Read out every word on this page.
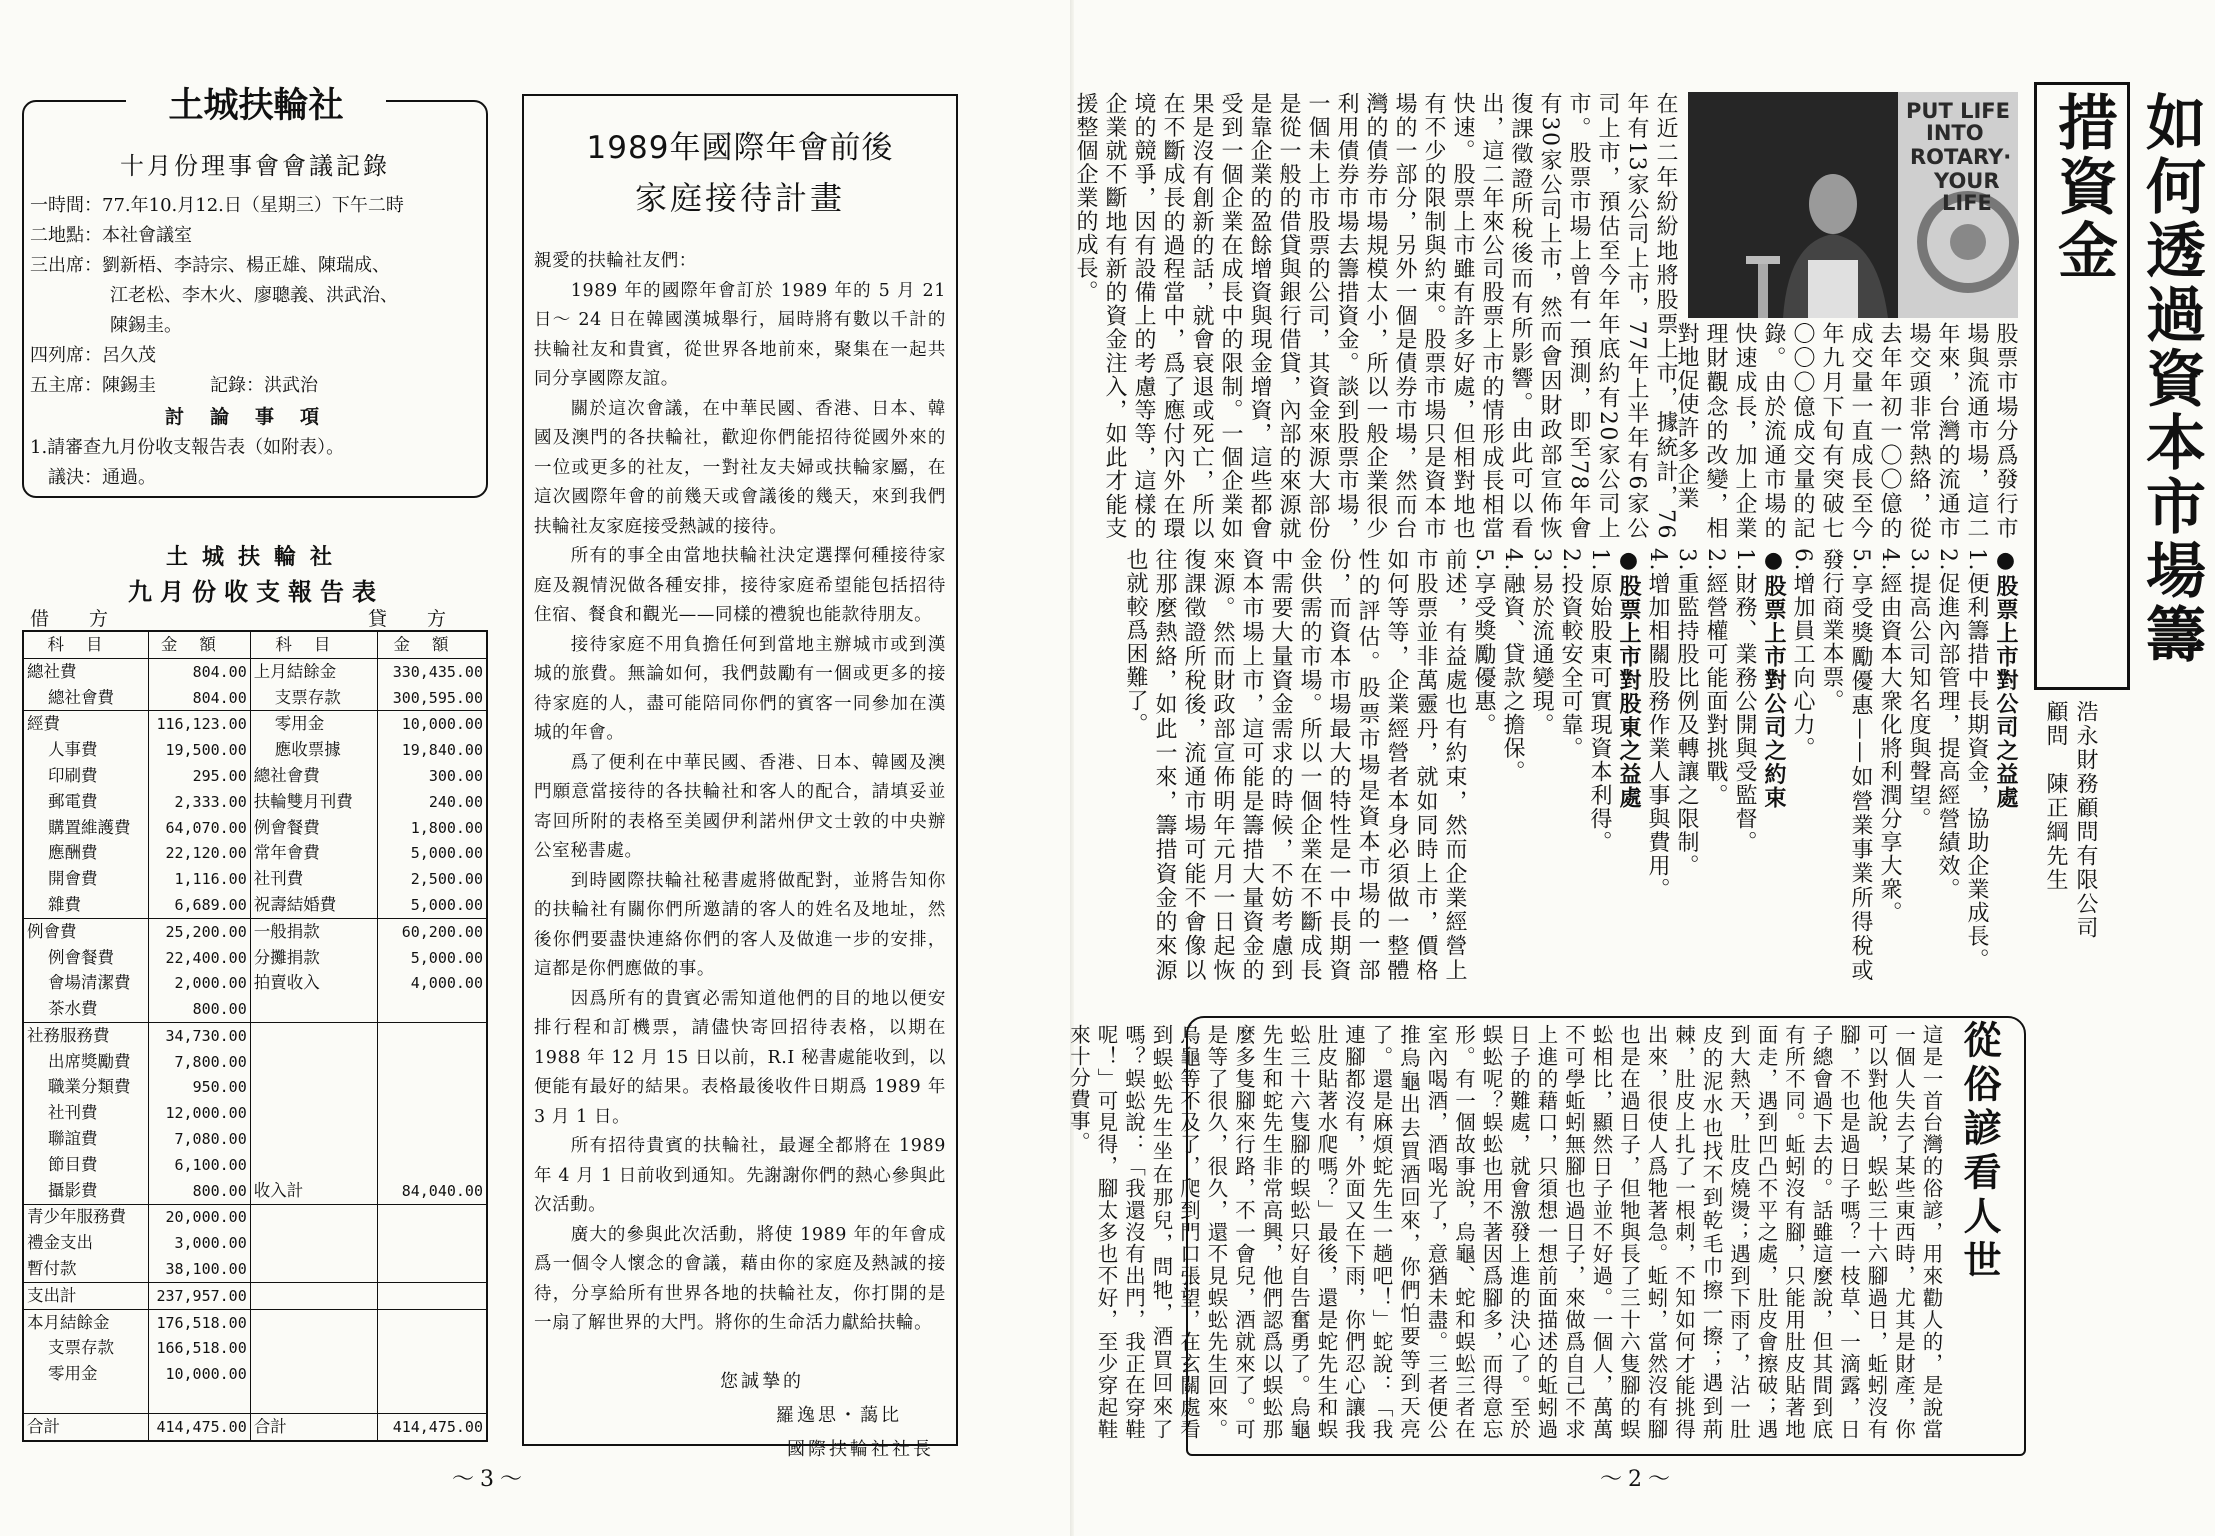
土城扶輪社
十月份理事會會議記錄
一時間：77.年10.月12.日（星期三）下午二時
二地點：本社會議室
三出席：劉新梧、李詩宗、楊正雄、陳瑞成、
江老松、李木火、廖聰義、洪武治、
陳錫圭。
四列席：呂久茂
五主席：陳錫圭　　　記錄：洪武治
討論事項
1.請審查九月份收支報告表（如附表）。
　議決：通過。
土城扶輪社
九月份收支報告表
借方	貸方
科目	金額	科目	金額
總社費	804.00	上月結餘金	330,435.00
總社會費	804.00	支票存款	300,595.00
經費	116,123.00	零用金	10,000.00
人事費	19,500.00	應收票據	19,840.00
印刷費	295.00	總社會費	300.00
郵電費	2,333.00	扶輪雙月刊費	240.00
購置維護費	64,070.00	例會餐費	1,800.00
應酬費	22,120.00	常年會費	5,000.00
開會費	1,116.00	社刊費	2,500.00
雜費	6,689.00	祝壽結婚費	5,000.00
例會費	25,200.00	一般捐款	60,200.00
例會餐費	22,400.00	分攤捐款	5,000.00
會場清潔費	2,000.00	拍賣收入	4,000.00
茶水費	800.00		
社務服務費	34,730.00		
出席獎勵費	7,800.00		
職業分類費	950.00		
社刊費	12,000.00		
聯誼費	7,080.00		
節目費	6,100.00		
攝影費	800.00	收入計	84,040.00
青少年服務費	20,000.00		
禮金支出	3,000.00		
暫付款	38,100.00		
支出計	237,957.00		
本月結餘金	176,518.00		
支票存款	166,518.00		
零用金	10,000.00		

合計	414,475.00	合計	414,475.00
1989年國際年會前後
家庭接待計畫

親愛的扶輪社友們：

1989 年的國際年會訂於 1989 年的 5 月 21 日～ 24 日在韓國漢城舉行，屆時將有數以千計的扶輪社友和貴賓，從世界各地前來，聚集在一起共同分享國際友誼。

關於這次會議，在中華民國、香港、日本、韓國及澳門的各扶輪社，歡迎你們能招待從國外來的一位或更多的社友，一對社友夫婦或扶輪家屬，在這次國際年會的前幾天或會議後的幾天，來到我們扶輪社友家庭接受熱誠的接待。

所有的事全由當地扶輪社決定選擇何種接待家庭及親情況做各種安排，接待家庭希望能包括招待住宿、餐食和觀光——同樣的禮貌也能款待朋友。

接待家庭不用負擔任何到當地主辦城市或到漢城的旅費。無論如何，我們鼓勵有一個或更多的接待家庭的人，盡可能陪同你們的賓客一同參加在漢城的年會。

爲了便利在中華民國、香港、日本、韓國及澳門願意當接待的各扶輪社和客人的配合，請填妥並寄回所附的表格至美國伊利諾州伊文士敦的中央辦公室秘書處。

到時國際扶輪社秘書處將做配對，並將告知你的扶輪社有關你們所邀請的客人的姓名及地址，然後你們要盡快連絡你們的客人及做進一步的安排，這都是你們應做的事。

因爲所有的貴賓必需知道他們的目的地以便安排行程和訂機票，請儘快寄回招待表格，以期在 1988 年 12 月 15 日以前，R.I 秘書處能收到，以便能有最好的結果。表格最後收件日期爲 1989 年 3 月 1 日。

所有招待貴賓的扶輪社，最遲全都將在 1989 年 4 月 1 日前收到通知。先謝謝你們的熱心參與此次活動。

廣大的參與此次活動，將使 1989 年的年會成爲一個令人懷念的會議，藉由你的家庭及熱誠的接待，分享給所有世界各地的扶輪社友，你打開的是一扇了解世界的大門。將你的生命活力獻給扶輪。

您誠摯的
羅逸思・藹比
國際扶輪社社長
～3～
如何透過資本市場籌措資金
浩永財務顧問有限公司
顧問　陳正綱先生
PUT LIFE
INTO
ROTARY·
YOUR
LIFE
股票市場分爲發行市場與流通市場，這二年來，台灣的流通市場交頭非常熱絡，從去年年初一〇〇億的成交量一直成長至今年九月下旬有突破七〇〇〇億成交量的記錄。由於流通市場的快速成長，加上企業理財觀念的改變，相對地促使許多企業
在近二年紛紛地將股票上市，據統計，76年有13家公司上市，77年上半年有6家公司上市，預估至今年年底約有20家公司上市。股票市場上曾有一預測，即至78年會有30家公司上市，然而會因財政部宣佈恢復課徵證所稅後而有所影響。由此可以看出，這二年來公司股票上市的情形成長相當快速。股票上市雖有許多好處，但相對地也有不少的限制與約束。股票市場只是資本市場的一部分，另外一個是債券市場，然而台灣的債券市場規模太小，所以一般企業很少利用債券市場去籌措資金。談到股票市場，一個未上市股票的公司，其資金來源大部份是從一般的借貸與銀行借貸，內部的來源就是靠企業的盈餘增資與現金增資，這些都會受到一個企業在成長中的限制。一個企業如果是沒有創新的話，就會衰退或死亡，所以在不斷成長的過程當中，爲了應付內外在環境的競爭，因有設備上的考慮等等，這樣的企業就不斷地有新的資金注入，如此才能支援整個企業的成長。
●股票上市對公司之益處
1.便利籌措中長期資金，協助企業成長。
2.促進內部管理，提高經營績效。
3.提高公司知名度與聲望。
4.經由資本大衆化將利潤分享大衆。
5.享受獎勵優惠——如營業事業所得稅或發行商業本票。
6.增加員工向心力。
●股票上市對公司之約束
1.財務、業務公開與受監督。
2.經營權可能面對挑戰。
3.重監持股比例及轉讓之限制。
4.增加相關股務作業人事與費用。
●股票上市對股東之益處
1.原始股東可實現資本利得。
2.投資較安全可靠。
3.易於流通變現。
4.融資、貸款之擔保。
5.享受獎勵優惠。
前述，有益處也有約束，然而企業經營上市股票並非萬靈丹，就如同時上市，價格如何等等，企業經營者本身必須做一整體性的評估。股票市場是資本市場的一部份，而資本市場最大的特性是一中長期資金供需的市場。所以一個企業在不斷成長中需要大量資金需求的時候，不妨考慮到資本市場上市，這可能是籌措大量資金的來源。然而財政部宣佈明年元月一日起恢復課徵證所稅後，流通市場可能不會像以往那麼熱絡，如此一來，籌措資金的來源也就較爲困難了。
從俗諺看人世
這是一首台灣的俗諺，用來勸人的，是說當一個人失去了某些東西時，尤其是財產，你可以對他說，蜈蚣三十六腳過日，蚯蚓沒有腳，不也是過日子嗎？一枝草、一滴露，日子總會過下去的。話雖這麼說，但其間到底有所不同。蚯蚓沒有腳，只能用肚皮貼著地面走，遇到凹凸不平之處，肚皮會擦破；遇到大熱天，肚皮燒燙；遇到下雨了，沾一肚皮的泥水也找不到乾毛巾擦一擦；遇到荊棘，肚皮上扎了一根刺，不知如何才能挑得出來，很使人爲牠著急。蚯蚓，當然沒有腳也是在過日子，但牠與長了三十六隻腳的蜈蚣相比，顯然日子並不好過。一個人，萬萬不可學蚯蚓無腳也過日子，來做爲自己不求上進的藉口，只須想一想前面描述的蚯蚓過日子的難處，就會激發上進的決心了。至於蜈蚣呢？蜈蚣也用不著因爲腳多，而得意忘形。有一個故事說，烏龜、蛇和蜈蚣三者在室內喝酒，酒喝光了，意猶未盡。三者便公推烏龜出去買酒回來，你們怕要等到天亮了。還是麻煩蛇先生一趟吧！」蛇說：「我連腳都沒有，外面又在下雨，你們忍心讓我肚皮貼著水爬嗎？」最後，還是蛇先生和蜈蚣三十六隻腳的蜈蚣只好自告奮勇了。烏龜先生和蛇先生非常高興，他們認爲以蜈蚣那麼多隻腳來行路，不一會兒，酒就來了。可是等了很久，很久，還不見蜈蚣先生回來。烏龜等不及了，爬到門口張望，在玄關處看到蜈蚣先生坐在那兒，問牠，酒買回來了嗎？蜈蚣說：「我還沒有出門，我正在穿鞋呢！」可見得，腳太多也不好，至少穿起鞋來十分費事。
～2～
